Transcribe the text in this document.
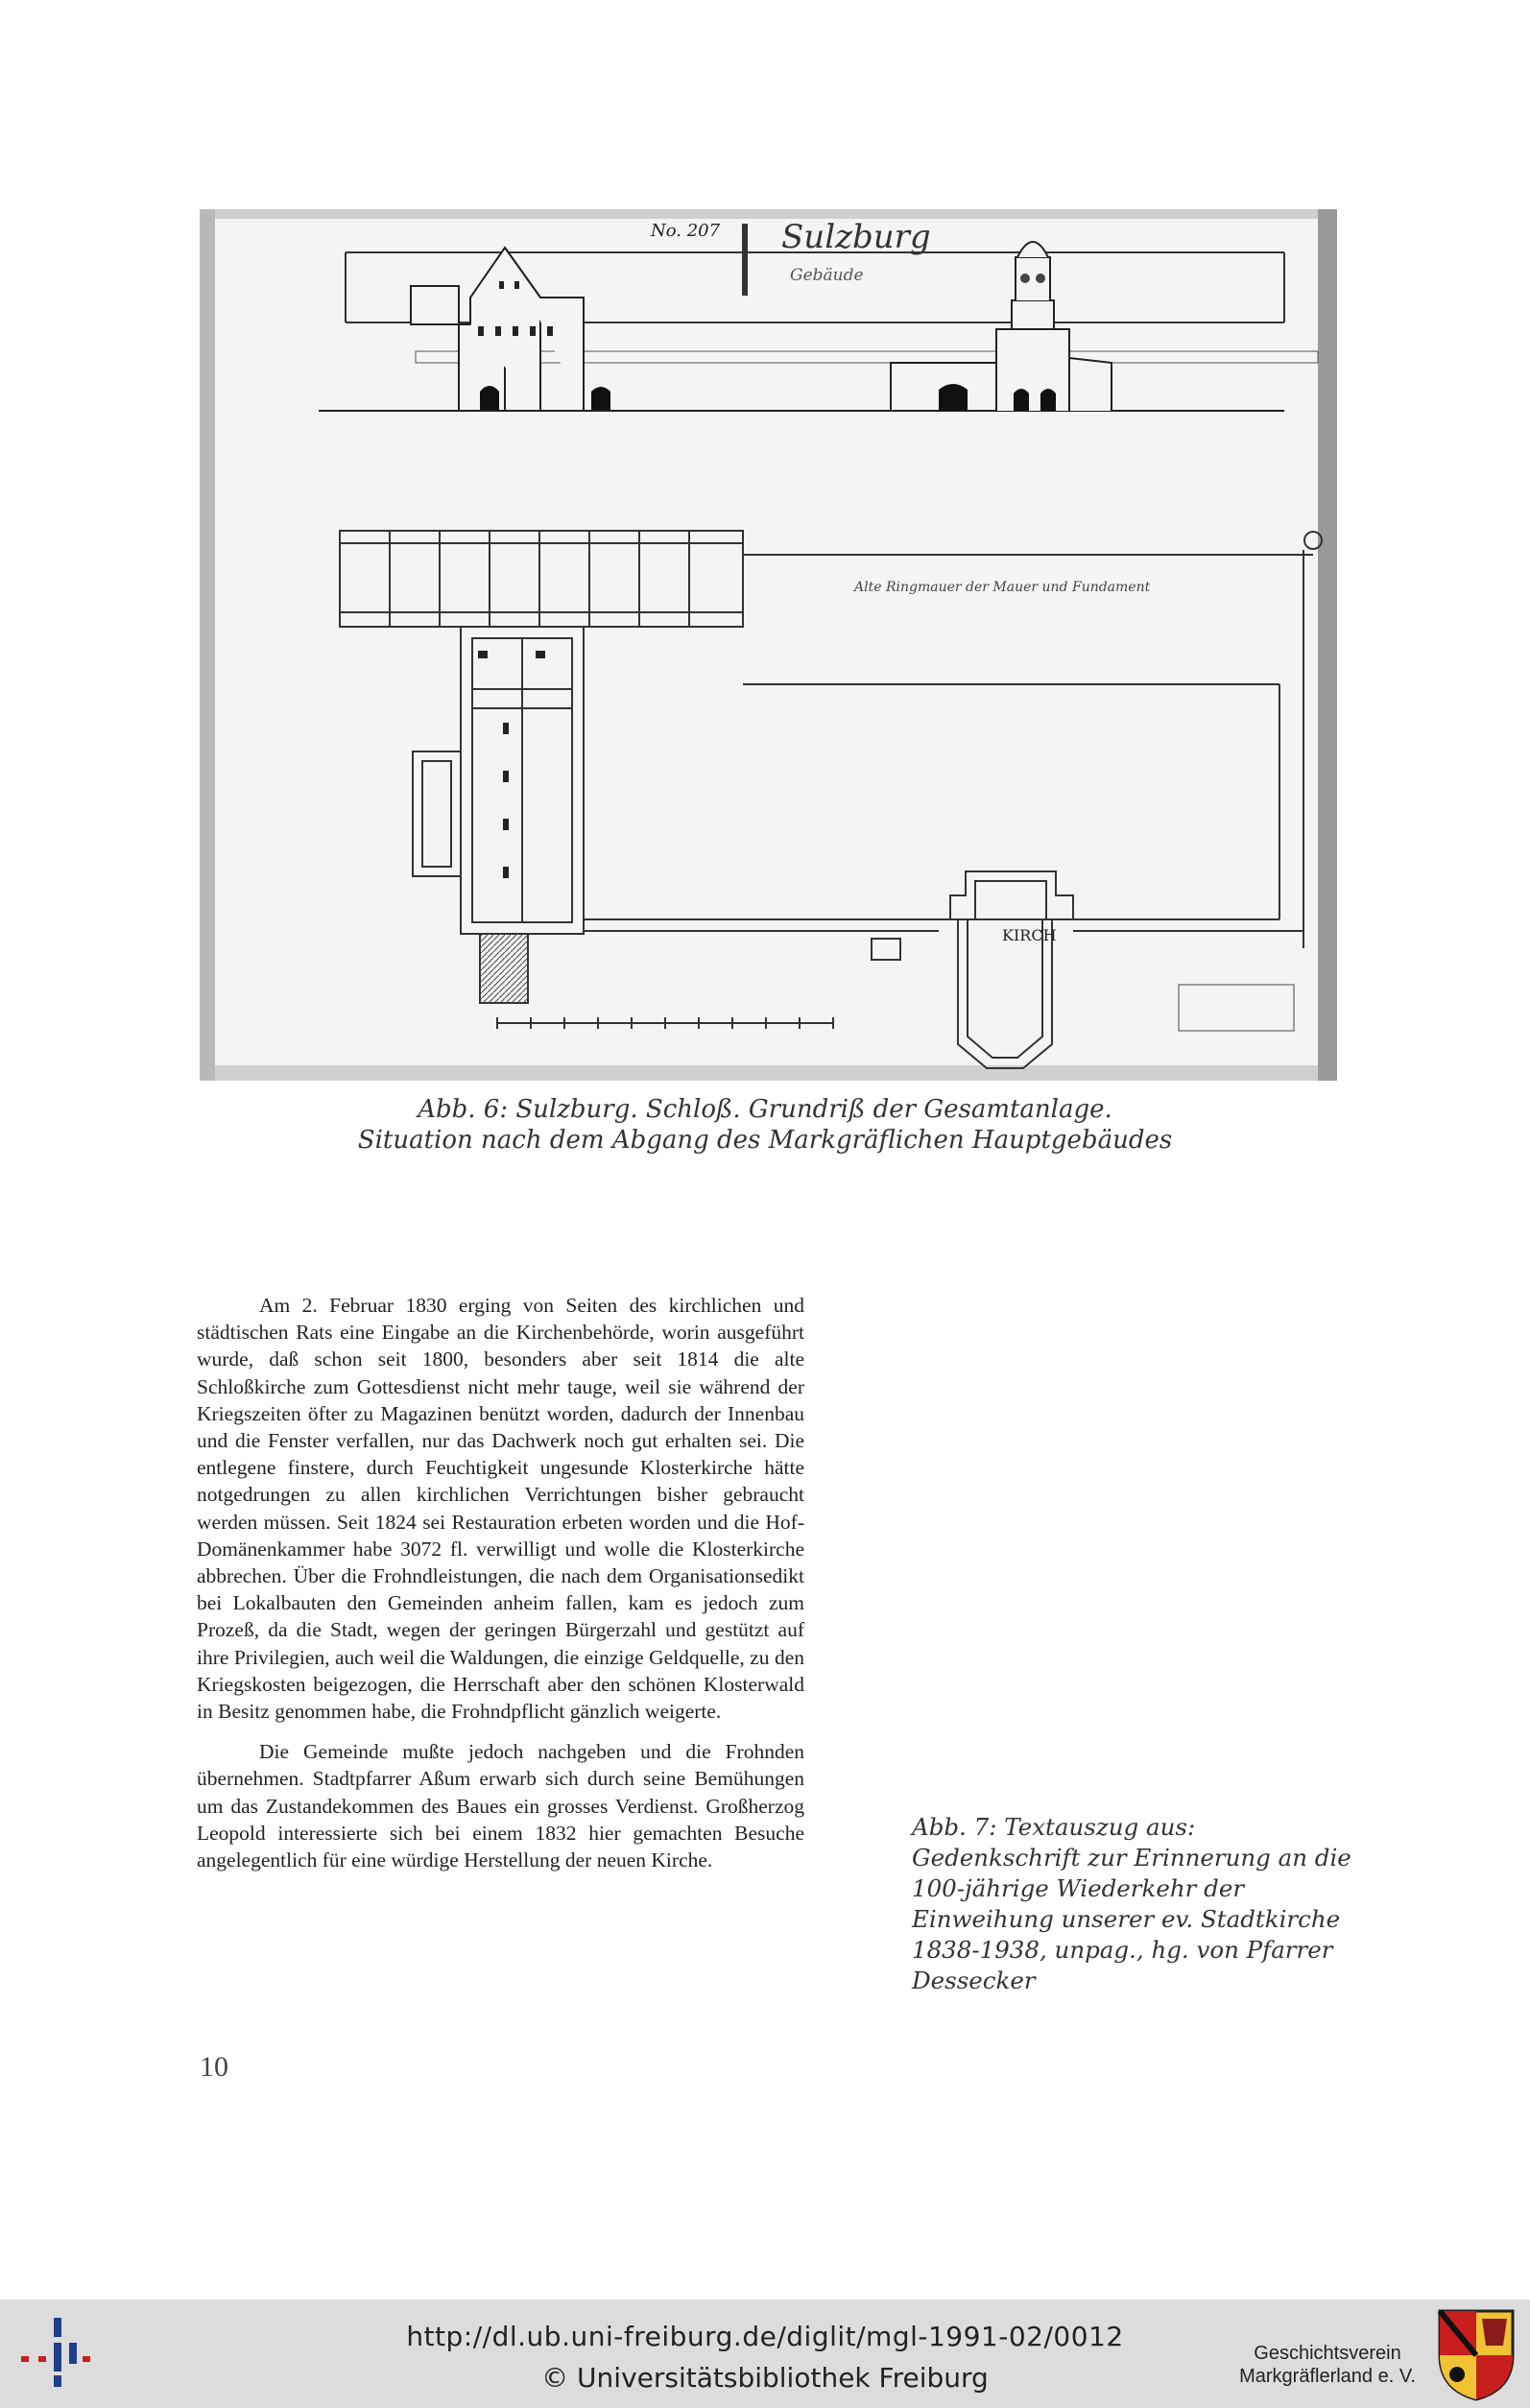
No. 207 Sulzburg
Gebäude
KIRCH
Alte Ringmauer der Mauer und Fundament
Abb. 6: Sulzburg. Schloß. Grundriß der Gesamtanlage.
Situation nach dem Abgang des Markgräflichen Hauptgebäudes

Am 2. Februar 1830 erging von Seiten des kirchlichen und städtischen Rats eine Eingabe an die Kirchenbehörde, worin ausgeführt wurde, daß schon seit 1800, besonders aber seit 1814 die alte Schloßkirche zum Gottesdienst nicht mehr tauge, weil sie während der Kriegszeiten öfter zu Magazinen benützt worden, dadurch der Innenbau und die Fenster verfallen, nur das Dachwerk noch gut erhalten sei. Die entlegene finstere, durch Feuchtigkeit ungesunde Klosterkirche hätte notgedrungen zu allen kirchlichen Verrichtungen bisher gebraucht werden müssen. Seit 1824 sei Restauration erbeten worden und die Hof-Domänenkammer habe 3072 fl. verwilligt und wolle die Klosterkirche abbrechen. Über die Frohndleistungen, die nach dem Organisationsedikt bei Lokalbauten den Gemeinden anheim fallen, kam es jedoch zum Prozeß, da die Stadt, wegen der geringen Bürgerzahl und gestützt auf ihre Privilegien, auch weil die Waldungen, die einzige Geldquelle, zu den Kriegskosten beigezogen, die Herrschaft aber den schönen Klosterwald in Besitz genommen habe, die Frohndpflicht gänzlich weigerte.

Die Gemeinde mußte jedoch nachgeben und die Frohnden übernehmen. Stadtpfarrer Aßum erwarb sich durch seine Bemühungen um das Zustandekommen des Baues ein grosses Verdienst. Großherzog Leopold interessierte sich bei einem 1832 hier gemachten Besuche angelegentlich für eine würdige Herstellung der neuen Kirche.

Abb. 7: Textauszug aus:
Gedenkschrift zur Erinnerung an die
100-jährige Wiederkehr der
Einweihung unserer ev. Stadtkirche
1838-1938, unpag., hg. von Pfarrer
Dessecker
10
http://dl.ub.uni-freiburg.de/diglit/mgl-1991-02/0012
© Universitätsbibliothek Freiburg
Geschichtsverein
Markgräflerland e. V.
